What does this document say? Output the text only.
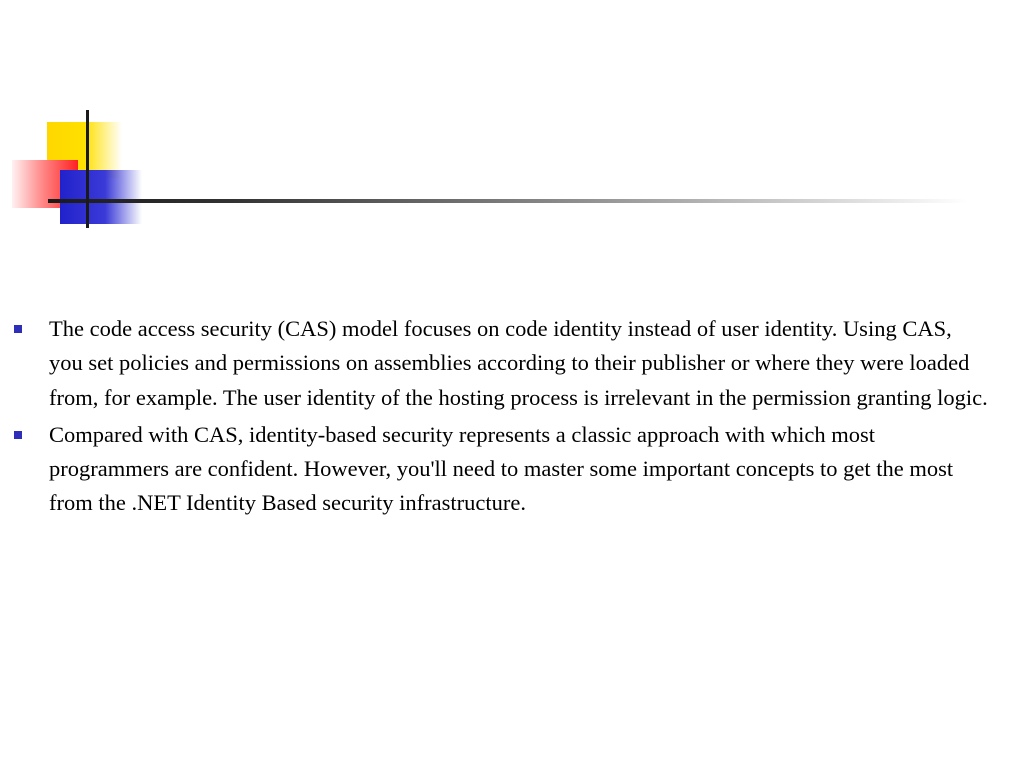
The code access security (CAS) model focuses on code identity instead of user identity. Using CAS, you set policies and permissions on assemblies according to their publisher or where they were loaded from, for example. The user identity of the hosting process is irrelevant in the permission granting logic.
Compared with CAS, identity-based security represents a classic approach with which most programmers are confident. However, you'll need to master some important concepts to get the most from the .NET Identity Based security infrastructure.
